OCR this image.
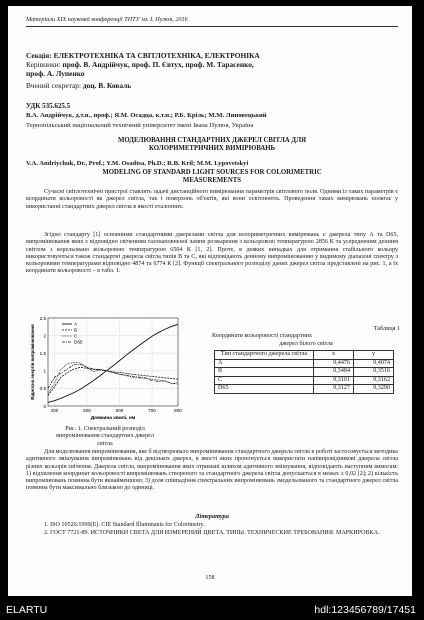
Матеріали ХІХ наукової конференції ТНТУ ім. І. Пулюя, 2016
Секція: ЕЛЕКТРОТЕХНІКА ТА СВІТЛОТЕХНІКА, ЕЛЕКТРОНІКА
Керівники: проф. В. Андрійчук, проф. П. Євтух, проф. М. Тарасенко,
проф. А. Лупенко
Вчений секретар: доц. В. Коваль
УДК 535.625.5
В.А. Андрійчук, д.т.н., проф.; Я.М. Осадца, к.т.н.; Р.Б. Кріль; М.М. Липовецький
Тернопільський національний технічний університет імені Івана Пулюя, Україна
МОДЕЛЮВАННЯ СТАНДАРТНИХ ДЖЕРЕЛ СВІТЛА ДЛЯ
КОЛОРИМЕТРИЧНИХ ВИМІРЮВАНЬ
V.A. Andriychuk, Dr., Prof.; Y.M. Osadtsa, Ph.D.; R.B. Kril; M.M. Lypovetskyi
MODELING OF STANDARD LIGHT SOURCES FOR COLORIMETRIC
MEASUREMENTS

Сучасні світлотехнічні пристрої ставлять задачі дистанційного вимірювання параметрів світлового поля. Одними із таких параметрів є координати кольоровості як джерел світла, так і поверхонь об'єктів, які вони освітлюють. Проведення таких вимірювань полягає у використанні стандартних джерел світла в якості еталонних.

Згідно стандарту [1] основними стандартними джерелами світла для колориметричних вимірювань є джерела типу А та D65, випромінювання яких є відповідно свіченням газонаповненої лампи розжарення з кольоровою температурою 2856 К та усередненим денним світлом з корельовано кольоровою температурою 6504 К [1, 2]. Проте, в деяких випадках для отримання стабільного кольору використовуються також стандартні джерела світла типів В та С, які відповідають денному випромінюванню у видимому діапазоні спектру з кольоровими температурами відповідно 4874 та 6774 К [2]. Функції спектрального розподілу даних джерел світла представлені на рис. 1, а їх координати кольоровості – в табл. 1.

0
0.5
1
1.5
2
2.5
400	500	600	700	800
Довжина хвилі, нм
Відносна енергія випромінювання
A
B
C
D65
Рис. 1. Спектральний розподіл
випромінювання стандартних джерел
світла
Таблиця 1
Координати кольоровості стандартних
джерел білого світла
Тип стандартного джерела світла	x	y
A	0,4476	0,4074
B	0,3484	0,3516
C	0,3101	0,3162
D65	0,3127	0,3290

Для моделювання випромінювання, яке б відтворювало випромінювання стандартного джерела світла в роботі застосовується методика адитивного змішування випромінювань від декількох джерел, в якості яких пропонується використати напівпровідникові джерела світла різних кольорів свічення. Джерела світла, випромінювання яких отримані шляхом адитивного змішування, відповідають наступним вимогам: 1) відхилення координат кольоровості випромінювань створеного та стандартного джерела світла допускається в межах ± 0,02 [2]; 2) кількість випромінювань повинна бути якнайменшою; 3) доля співпадіння спектральних випромінювань змодельованого та стандартного джерел світла повинна бути максимально близькою до одиниці.

Література
1. ISO 10526:1999(E). CIE Standard Illuminants for Colorimetry.
2. ГОСТ 7721-89. ИСТОЧНИКИ СВЕТА ДЛЯ ИЗМЕРЕНИЙ ЦВЕТА. ТИПЫ. ТЕХНИЧЕСКИЕ ТРЕБОВАНИЯ. МАРКИРОВКА.
158
ELARTU	hdl:123456789/17451
